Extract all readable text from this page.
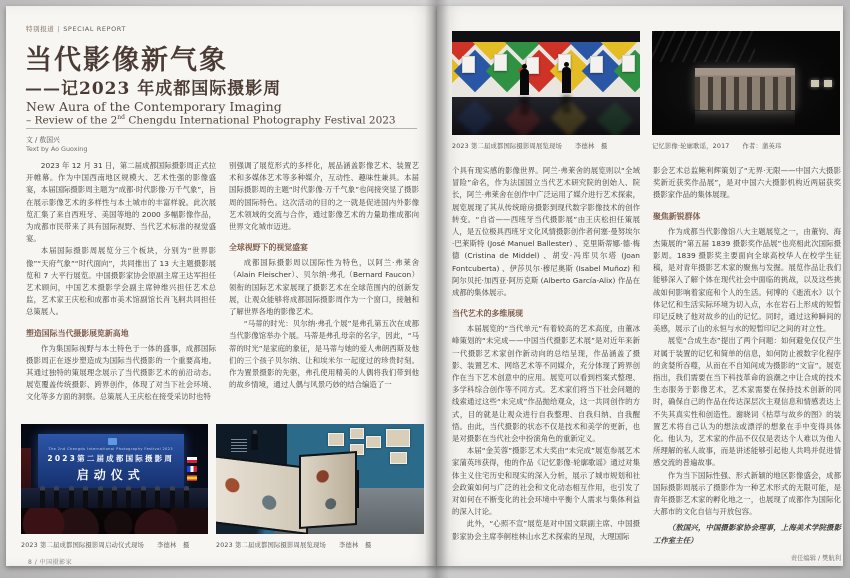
特别报道 | SPECIAL REPORT
当代影像新气象
——记2023 年成都国际摄影周
New Aura of the Contemporary Imaging
– Review of the 2nd Chengdu International Photography Festival 2023
文 / 敖国兴
Text by Ao Guoxing

2023 年 12 月 31 日，第二届成都国际摄影周正式拉开帷幕。作为中国西南地区规模大、艺术性强的影像盛宴，本届国际摄影周主题为“成都·时代影像·万千气象”，旨在展示影像艺术的多样性与本土城市的丰富样貌。此次展览汇集了来自西班牙、美国等地的 2000 多幅影像作品，为成都市民带来了具有国际视野、当代艺术标准的视觉盛宴。

本届国际摄影周展览分三个板块，分别为“世界影像”“天府气象”“时代面向”，共同推出了 13 大主题摄影展览和 7 大平行展览。中国摄影家协会原副主席王达军担任艺术顾问，中国艺术摄影学会副主席钟维兴担任艺术总监，艺术家王庆松和成都市美术馆副馆长肖飞舸共同担任总策展人。

塑造国际当代摄影展览新高地

作为集国际视野与本土特色于一体的盛事，成都国际摄影周正在逐步塑造成为国际当代摄影的一个重要高地。其通过独特的策展理念展示了当代摄影艺术的前沿动态。展览覆盖传统摄影、跨界创作，体现了对当下社会环境、文化等多方面的洞察。总策展人王庆松在接受采访时也特

别强调了展览形式的多样化，展品涵盖影像艺术、装置艺术和多媒体艺术等多种媒介，互动性、趣味性兼具。本届国际摄影周的主题“时代影像·万千气象”也间接突显了摄影周的国际特色。这次活动的目的之一就是促进国内外影像艺术领域的交流与合作，通过影像艺术的力量助推成都向世界文化城市迈进。

全球视野下的视觉盛宴

成都国际摄影周以国际性为特色，以阿兰·弗莱舍（Alain Fleischer）、贝尔纳·弗孔（Bernard Faucon）领衔的国际艺术家展现了摄影艺术在全球范围内的创新发展，让观众能够将成都国际摄影周作为一个窗口，接触和了解世界各地的影像艺术。

“马蒂的时光：贝尔纳·弗孔个展”是弗孔第五次在成都当代影像馆举办个展。马蒂是弗孔母亲的名字，因此，“马蒂的时光”是家庭的象征，是马蒂与她的爱人弗朗西斯及他们的三个孩子贝尔纳、让和埃米尔一起度过的珍贵时刻。作为置景摄影的先驱，弗孔使用精美的人偶将我们带到他的故乡情境，通过人偶与风景巧妙的结合编造了一

The 2nd Chengdu International Photography Festival 2023
2023第二届成都国际摄影周
启动仪式
2023 第二届成都国际摄影周启动仪式现场　　李德林　摄	2023 第二届成都国际摄影周展览现场　　李德林　摄
8 / 中国摄影家
2023 第二届成都国际摄影周展览现场　　李德林　摄	记忆影像·轮廓歌谣，2017　　作者：蒲英玮

个具有现实感的影像世界。阿兰·弗莱舍的展览则以“全域冒险”命名，作为法国国立当代艺术研究院的创始人、院长，阿兰·弗莱舍在创作中广泛运用了媒介进行艺术探索，展览展现了其从传统暗房摄影到现代数字影像技术的创作转变。“自省——西班牙当代摄影展”由王庆松担任策展人，是五位极具西班牙文化风情摄影创作者何塞·曼努埃尔·巴莱斯特 (José Manuel Ballester) 、克里斯蒂娜·德·梅德 (Cristina de Middel) 、胡安·冯库贝尔塔 (Joan Fontcuberta) 、伊莎贝尔·穆尼奥斯 (Isabel Muñoz) 和阿尔贝托·加西亚·阿历克斯 (Alberto García-Alix) 作品在成都的集体展示。

当代艺术的多维展现

本届展览的“当代单元”有着较高的艺术高度，由董冰峰策划的“未完成——中国当代摄影艺术展”是对近年来新一代摄影艺术家创作新动向的总结呈现，作品涵盖了摄影、装置艺术、网络艺术等不同媒介，充分体现了跨界创作在当下艺术创意中的应用。展览可以看到档案式整理、多学科综合创作等不同方式。艺术家们将当下社会问题的线索通过这些“未完成”作品抛给观众，这一共同创作的方式，目的就是让观众进行自我整理、自我归纳、自我醒悟。由此，当代摄影的状态不仅是技术和美学的更新，也是对摄影在当代社会中扮演角色的重新定义。

本届“金芙蓉”摄影艺术大奖由“未完成”展览参展艺术家蒲英玮获得，他的作品《记忆影像·轮廓歌谣》通过对集体主义住宅历史和现实的深入分析，展示了城市规划和社会政策如何与广泛的社会和文化动态相互作用，也引发了对如何在不断变化的社会环境中平衡个人需求与集体利益的深入讨论。

此外，“心照不宣”展览是对中国文联副主席、中国摄影家协会主席李舸桂林山水艺术探索的呈现，大理国际

影会艺术总监鲍利辉策划了“无界·无限——中国六大摄影奖新近获奖作品展”，是对中国六大摄影机构近两届获奖摄影家作品的集体展现。

聚焦新锐群体

作为成都当代影像馆八大主题展览之一，由董钧、海杰策展的“第五届 1839 摄影奖作品展”也亮相此次国际摄影周。1839 摄影奖主要面向全球高校华人在校学生征稿，是对青年摄影艺术家的聚焦与发掘。展览作品让我们能够深入了解个体在现代社会中面临的挑战，以及这些挑战如何影响着家庭和个人的生活。何博的《逝流水》以个体记忆和生活实际环境为切入点，水在岩石上形成的短暂印记反映了他对故乡的山的记忆。同时，通过这种瞬间的美感，展示了山的永恒与水的短暂印记之间的对立性。

展览“合成生态”提出了两个问题：如何避免仅仅产生对属于装置的记忆和简单的信息，如何防止被数字化程序的贪婪所吞噬，从而在不自知间成为摄影的“文盲”。展览指出，我们需要在当下科技革命的浪潮之中让合成的技术生态服务于影像艺术，艺术家需要在保持技术创新的同时，确保自己的作品在传达深层次主观信息和情感表达上不失其真实性和创造性。谢晓词《枯草与故乡的图》的装置艺术将自己认为的想法或漂浮的想象在手中变得具体化。他认为，艺术家的作品不仅仅是表达个人难以为他人所理解的私人故事，而是讲述能够引起他人共鸣并促进情感交流的普遍故事。

作为当下国际性强、形式新颖的地区影像盛会，成都国际摄影周展示了摄影作为一种艺术形式的无限可能，是青年摄影艺术家的孵化地之一，也展现了成都作为国际化大都市的文化自信与开放包容。

（敖国兴，中国摄影家协会理事，上海美术学院摄影工作室主任）

责任编辑 / 樊航利
